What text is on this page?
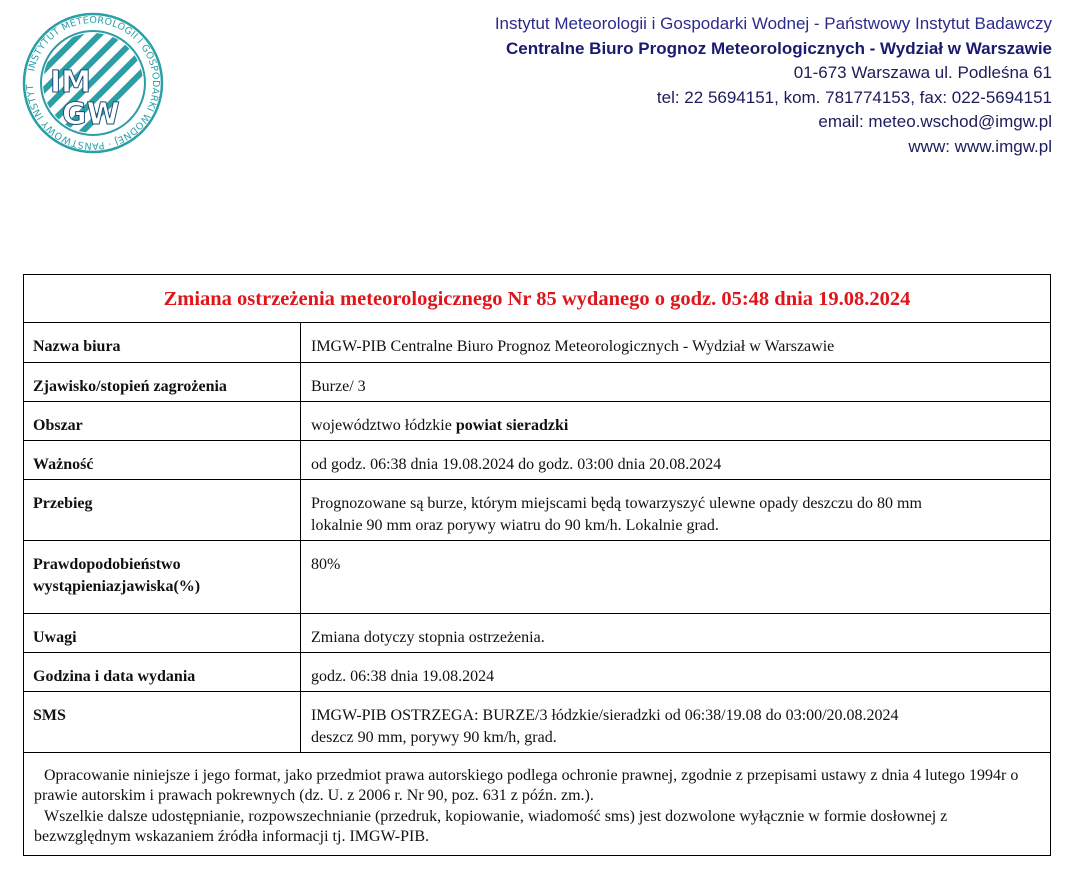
INSTYTUT METEOROLOGII I GOSPODARKI WODNEJ · PAŃSTWOWY INSTYT IM
GW
Instytut Meteorologii i Gospodarki Wodnej - Państwowy Instytut Badawczy
Centralne Biuro Prognoz Meteorologicznych - Wydział w Warszawie
01-673 Warszawa ul. Podleśna 61
tel: 22 5694151, kom. 781774153, fax: 022-5694151
email: meteo.wschod@imgw.pl
www: www.imgw.pl
Zmiana ostrzeżenia meteorologicznego Nr 85 wydanego o godz. 05:48 dnia 19.08.2024
Nazwa biura	IMGW-PIB Centralne Biuro Prognoz Meteorologicznych - Wydział w Warszawie
Zjawisko/stopień zagrożenia	Burze/ 3
Obszar	województwo łódzkie powiat sieradzki
Ważność	od godz. 06:38 dnia 19.08.2024 do godz. 03:00 dnia 20.08.2024
Przebieg	Prognozowane są burze, którym miejscami będą towarzyszyć ulewne opady deszczu do 80 mm
lokalnie 90 mm oraz porywy wiatru do 90 km/h. Lokalnie grad.

Prawdopodobieństwo
wystąpieniazjawiska(%)	80%
Uwagi	Zmiana dotyczy stopnia ostrzeżenia.
Godzina i data wydania	godz. 06:38 dnia 19.08.2024
SMS	IMGW-PIB OSTRZEGA: BURZE/3 łódzkie/sieradzki od 06:38/19.08 do 03:00/20.08.2024
deszcz 90 mm, porywy 90 km/h, grad.

Opracowanie niniejsze i jego format, jako przedmiot prawa autorskiego podlega ochronie prawnej, zgodnie z przepisami ustawy z dnia 4 lutego 1994r o prawie autorskim i prawach pokrewnych (dz. U. z 2006 r. Nr 90, poz. 631 z późn. zm.).

Wszelkie dalsze udostępnianie, rozpowszechnianie (przedruk, kopiowanie, wiadomość sms) jest dozwolone wyłącznie w formie dosłownej z bezwzględnym wskazaniem źródła informacji tj. IMGW-PIB.
